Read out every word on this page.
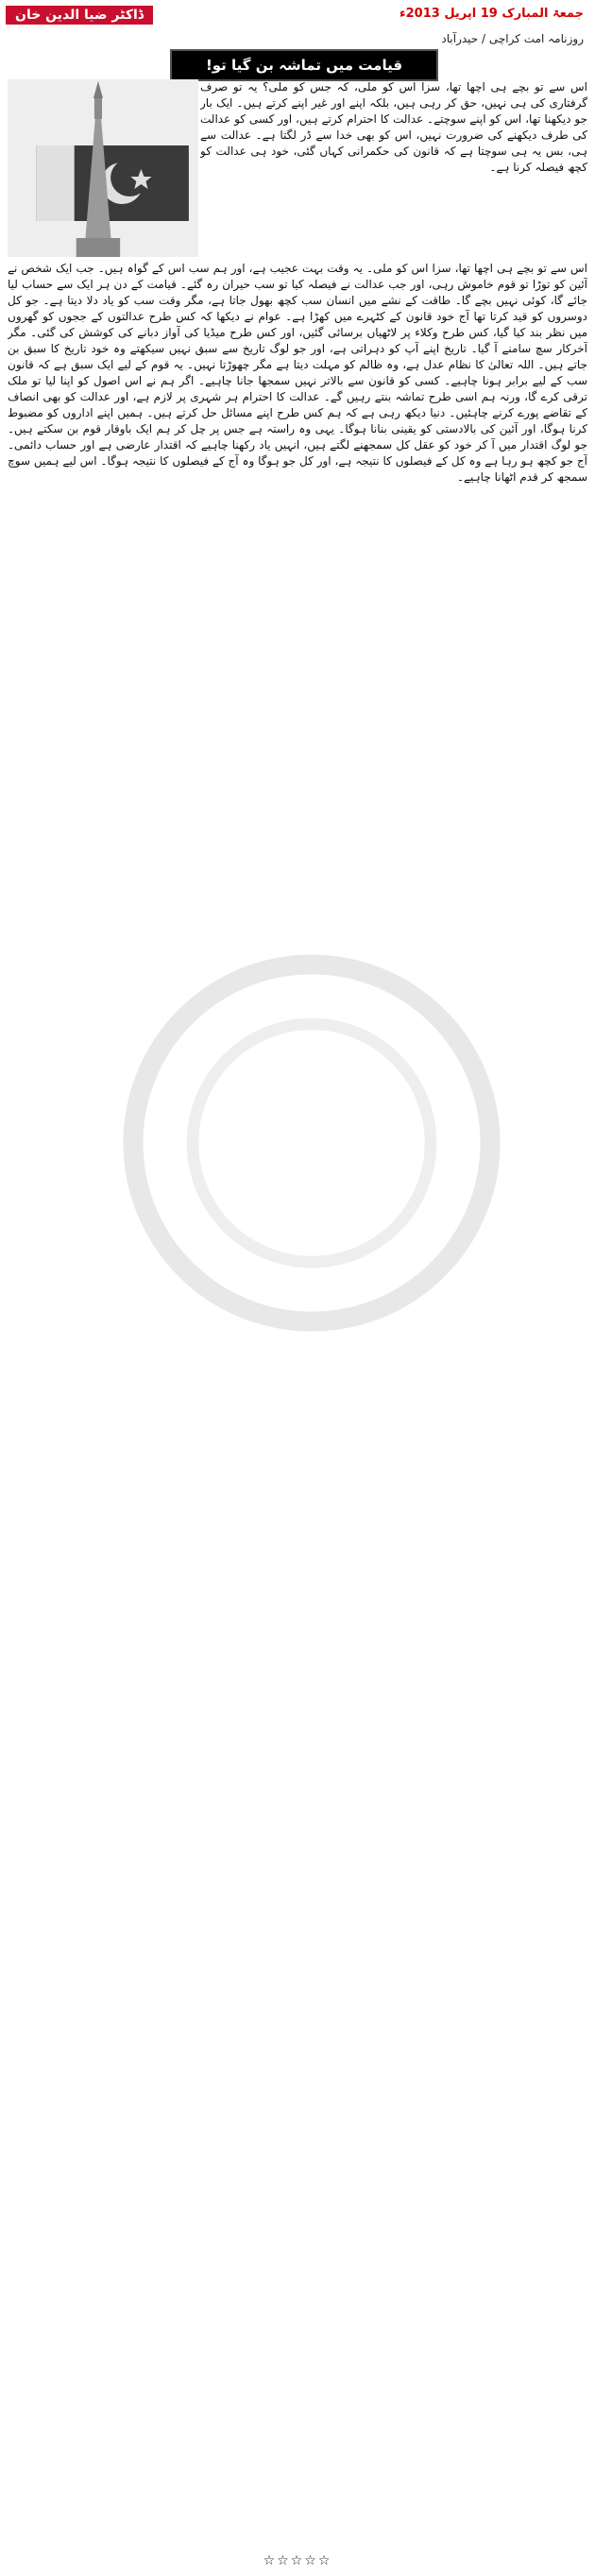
ڈاکٹر ضیا الدین خان	جمعۃ المبارک 19 اپریل 2013ء
روزنامہ امت کراچی / حیدرآباد
قیامت میں تماشہ بن گیا تو!
اس سے تو بچے ہی اچھا تھا، سزا اس کو ملی، کہ جس کو ملی؟ یہ تو صرف گرفتاری کی ہی نہیں، حق کر رہی ہیں، بلکہ اپنے اور غیر اپنے کرتے ہیں۔ ایک بار جو دیکھنا تھا، اس کو اپنے سوچتے۔ عدالت کا احترام کرتے ہیں، اور کسی کو عدالت کی طرف دیکھنے کی ضرورت نہیں، اس کو بھی خدا سے ڈر لگتا ہے۔ عدالت سے ہی، بس یہ ہی سوچتا ہے کہ قانون کی حکمرانی کہاں گئی، خود ہی عدالت کو کچھ فیصلہ کرنا ہے۔

اس سے تو بچے ہی اچھا تھا، سزا اس کو ملی۔ یہ وقت بہت عجیب ہے، اور ہم سب اس کے گواہ ہیں۔ جب ایک شخص نے آئین کو توڑا تو قوم خاموش رہی، اور جب عدالت نے فیصلہ کیا تو سب حیران رہ گئے۔ قیامت کے دن ہر ایک سے حساب لیا جائے گا، کوئی نہیں بچے گا۔ طاقت کے نشے میں انسان سب کچھ بھول جاتا ہے، مگر وقت سب کو یاد دلا دیتا ہے۔ جو کل دوسروں کو قید کرتا تھا آج خود قانون کے کٹہرے میں کھڑا ہے۔ عوام نے دیکھا کہ کس طرح عدالتوں کے ججوں کو گھروں میں نظر بند کیا گیا، کس طرح وکلاء پر لاٹھیاں برسائی گئیں، اور کس طرح میڈیا کی آواز دبانے کی کوشش کی گئی۔ مگر آخرکار سچ سامنے آ گیا۔ تاریخ اپنے آپ کو دہراتی ہے، اور جو لوگ تاریخ سے سبق نہیں سیکھتے وہ خود تاریخ کا سبق بن جاتے ہیں۔ اللہ تعالیٰ کا نظام عدل ہے، وہ ظالم کو مہلت دیتا ہے مگر چھوڑتا نہیں۔ یہ قوم کے لیے ایک سبق ہے کہ قانون سب کے لیے برابر ہونا چاہیے۔ کسی کو قانون سے بالاتر نہیں سمجھا جانا چاہیے۔ اگر ہم نے اس اصول کو اپنا لیا تو ملک ترقی کرے گا، ورنہ ہم اسی طرح تماشہ بنتے رہیں گے۔ عدالت کا احترام ہر شہری پر لازم ہے، اور عدالت کو بھی انصاف کے تقاضے پورے کرنے چاہئیں۔ دنیا دیکھ رہی ہے کہ ہم کس طرح اپنے مسائل حل کرتے ہیں۔ ہمیں اپنے اداروں کو مضبوط کرنا ہوگا، اور آئین کی بالادستی کو یقینی بنانا ہوگا۔ یہی وہ راستہ ہے جس پر چل کر ہم ایک باوقار قوم بن سکتے ہیں۔ جو لوگ اقتدار میں آ کر خود کو عقل کل سمجھنے لگتے ہیں، انہیں یاد رکھنا چاہیے کہ اقتدار عارضی ہے اور حساب دائمی۔ آج جو کچھ ہو رہا ہے وہ کل کے فیصلوں کا نتیجہ ہے، اور کل جو ہوگا وہ آج کے فیصلوں کا نتیجہ ہوگا۔ اس لیے ہمیں سوچ سمجھ کر قدم اٹھانا چاہیے۔

☆☆☆☆☆
